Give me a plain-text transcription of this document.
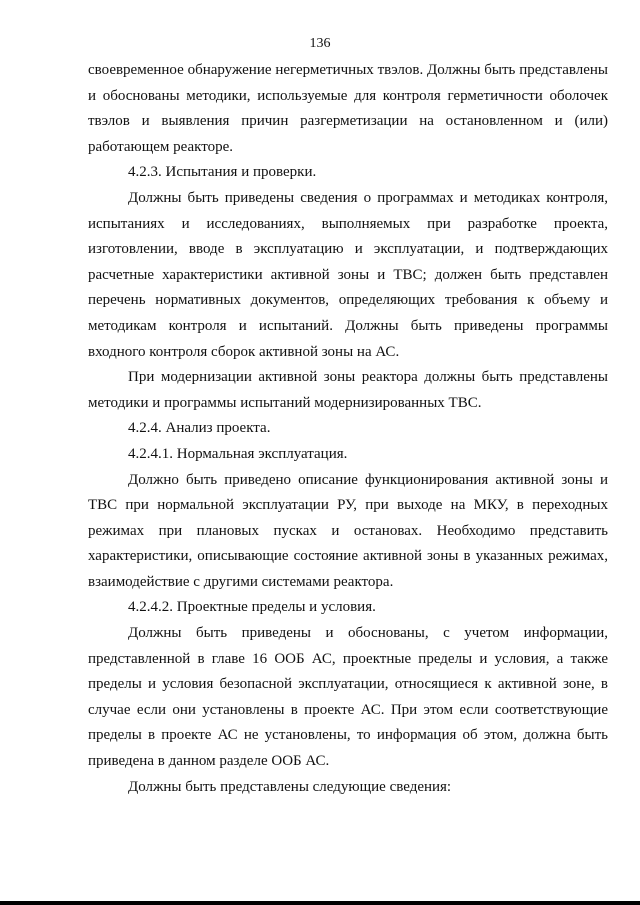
136

своевременное обнаружение негерметичных твэлов. Должны быть представлены и обоснованы методики, используемые для контроля герметичности оболочек твэлов и выявления причин разгерметизации на остановленном и (или) работающем реакторе.

4.2.3. Испытания и проверки.

Должны быть приведены сведения о программах и методиках контроля, испытаниях и исследованиях, выполняемых при разработке проекта, изготовлении, вводе в эксплуатацию и эксплуатации, и подтверждающих расчетные характеристики активной зоны и ТВС; должен быть представлен перечень нормативных документов, определяющих требования к объему и методикам контроля и испытаний. Должны быть приведены программы входного контроля сборок активной зоны на АС.

При модернизации активной зоны реактора должны быть представлены методики и программы испытаний модернизированных ТВС.

4.2.4. Анализ проекта.

4.2.4.1. Нормальная эксплуатация.

Должно быть приведено описание функционирования активной зоны и ТВС при нормальной эксплуатации РУ, при выходе на МКУ, в переходных режимах при плановых пусках и остановах. Необходимо представить характеристики, описывающие состояние активной зоны в указанных режимах, взаимодействие с другими системами реактора.

4.2.4.2. Проектные пределы и условия.

Должны быть приведены и обоснованы, с учетом информации, представленной в главе 16 ООБ АС, проектные пределы и условия, а также пределы и условия безопасной эксплуатации, относящиеся к активной зоне, в случае если они установлены в проекте АС. При этом если соответствующие пределы в проекте АС не установлены, то информация об этом, должна быть приведена в данном разделе ООБ АС.

Должны быть представлены следующие сведения:
